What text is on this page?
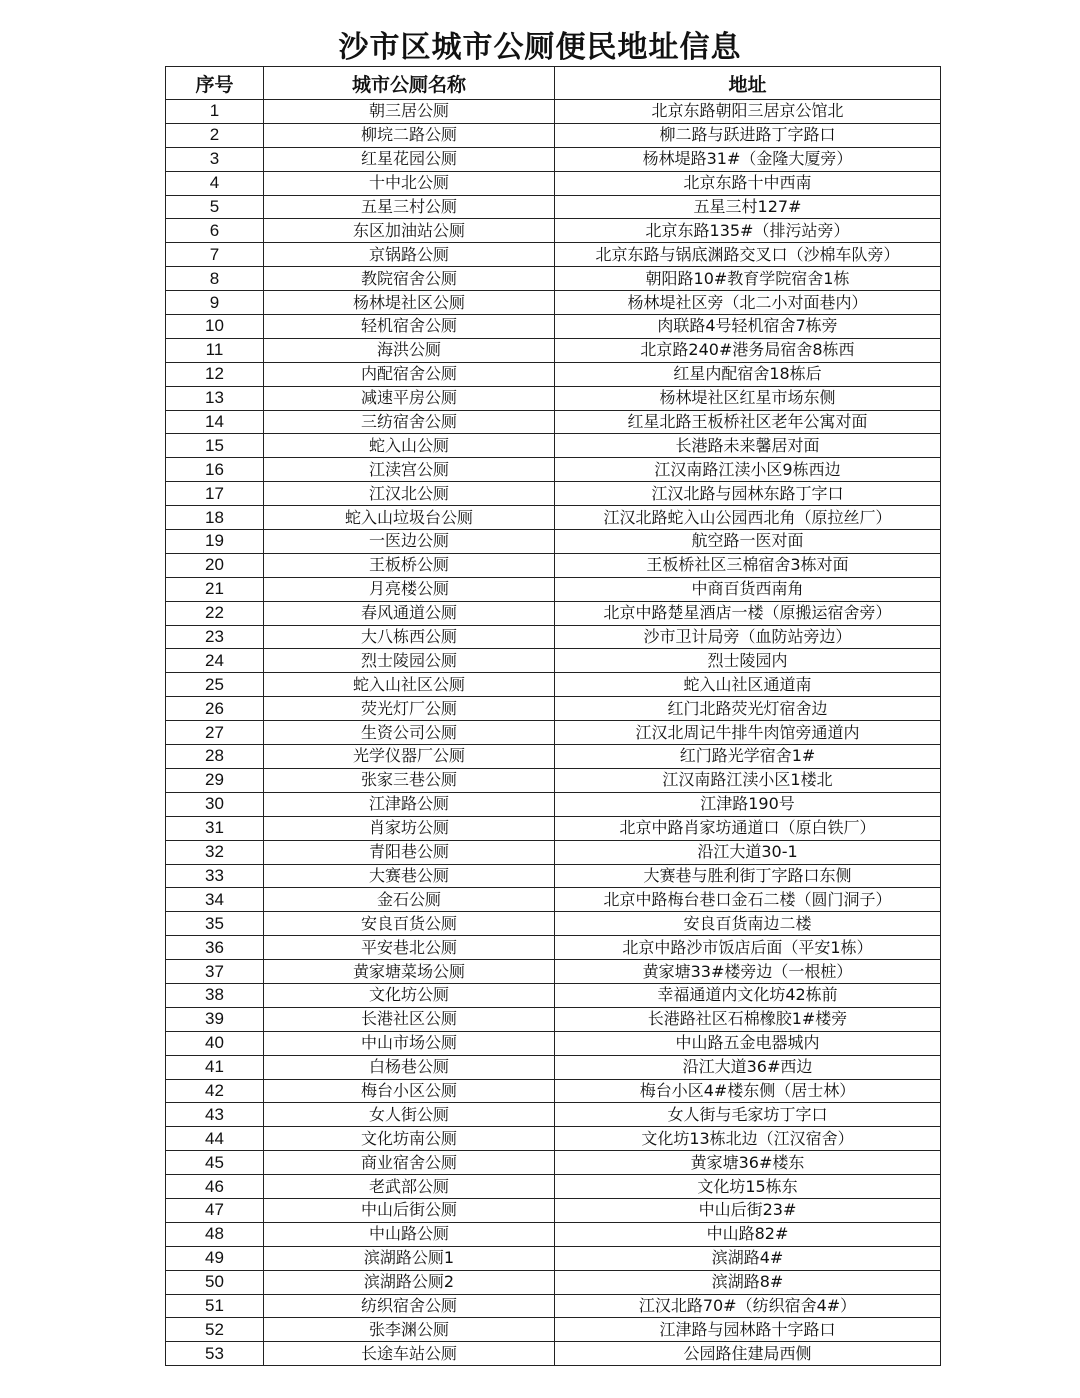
沙市区城市公厕便民地址信息
序号	城市公厕名称	地址
1	朝三居公厕	北京东路朝阳三居京公馆北
2	柳垸二路公厕	柳二路与跃进路丁字路口
3	红星花园公厕	杨林堤路31#（金隆大厦旁）
4	十中北公厕	北京东路十中西南
5	五星三村公厕	五星三村127#
6	东区加油站公厕	北京东路135#（排污站旁）
7	京锅路公厕	北京东路与锅底渊路交叉口（沙棉车队旁）
8	教院宿舍公厕	朝阳路10#教育学院宿舍1栋
9	杨林堤社区公厕	杨林堤社区旁（北二小对面巷内）
10	轻机宿舍公厕	肉联路4号轻机宿舍7栋旁
11	海洪公厕	北京路240#港务局宿舍8栋西
12	内配宿舍公厕	红星内配宿舍18栋后
13	减速平房公厕	杨林堤社区红星市场东侧
14	三纺宿舍公厕	红星北路王板桥社区老年公寓对面
15	蛇入山公厕	长港路未来馨居对面
16	江渎宫公厕	江汉南路江渎小区9栋西边
17	江汉北公厕	江汉北路与园林东路丁字口
18	蛇入山垃圾台公厕	江汉北路蛇入山公园西北角（原拉丝厂）
19	一医边公厕	航空路一医对面
20	王板桥公厕	王板桥社区三棉宿舍3栋对面
21	月亮楼公厕	中商百货西南角
22	春风通道公厕	北京中路楚星酒店一楼（原搬运宿舍旁）
23	大八栋西公厕	沙市卫计局旁（血防站旁边）
24	烈士陵园公厕	烈士陵园内
25	蛇入山社区公厕	蛇入山社区通道南
26	荧光灯厂公厕	红门北路荧光灯宿舍边
27	生资公司公厕	江汉北周记牛排牛肉馆旁通道内
28	光学仪器厂公厕	红门路光学宿舍1#
29	张家三巷公厕	江汉南路江渎小区1楼北
30	江津路公厕	江津路190号
31	肖家坊公厕	北京中路肖家坊通道口（原白铁厂）
32	青阳巷公厕	沿江大道30-1
33	大赛巷公厕	大赛巷与胜利街丁字路口东侧
34	金石公厕	北京中路梅台巷口金石二楼（圆门洞子）
35	安良百货公厕	安良百货南边二楼
36	平安巷北公厕	北京中路沙市饭店后面（平安1栋）
37	黄家塘菜场公厕	黄家塘33#楼旁边（一根桩）
38	文化坊公厕	幸福通道内文化坊42栋前
39	长港社区公厕	长港路社区石棉橡胶1#楼旁
40	中山市场公厕	中山路五金电器城内
41	白杨巷公厕	沿江大道36#西边
42	梅台小区公厕	梅台小区4#楼东侧（居士林）
43	女人街公厕	女人街与毛家坊丁字口
44	文化坊南公厕	文化坊13栋北边（江汉宿舍）
45	商业宿舍公厕	黄家塘36#楼东
46	老武部公厕	文化坊15栋东
47	中山后街公厕	中山后街23#
48	中山路公厕	中山路82#
49	滨湖路公厕1	滨湖路4#
50	滨湖路公厕2	滨湖路8#
51	纺织宿舍公厕	江汉北路70#（纺织宿舍4#）
52	张李渊公厕	江津路与园林路十字路口
53	长途车站公厕	公园路住建局西侧
